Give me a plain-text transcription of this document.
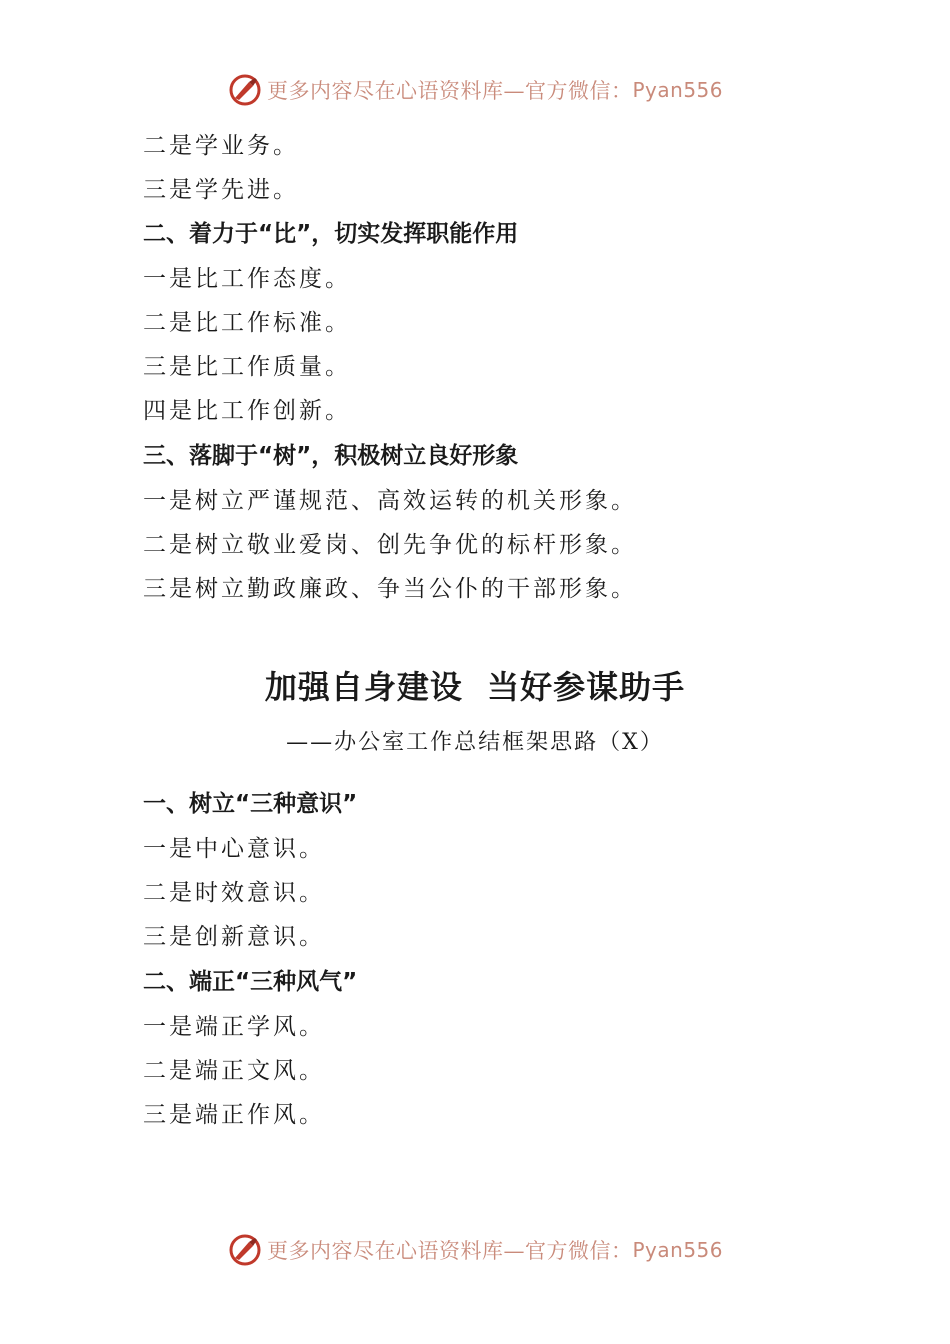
更多内容尽在心语资料库—官方微信： Pyan556
二是学业务。
三是学先进。
二、着力于“比”，切实发挥职能作用
一是比工作态度。
二是比工作标准。
三是比工作质量。
四是比工作创新。
三、落脚于“树”，积极树立良好形象
一是树立严谨规范、高效运转的机关形象。
二是树立敬业爱岗、创先争优的标杆形象。
三是树立勤政廉政、争当公仆的干部形象。
加强自身建设  当好参谋助手
——办公室工作总结框架思路（X）
一、树立“三种意识”
一是中心意识。
二是时效意识。
三是创新意识。
二、端正“三种风气”
一是端正学风。
二是端正文风。
三是端正作风。
更多内容尽在心语资料库—官方微信： Pyan556
